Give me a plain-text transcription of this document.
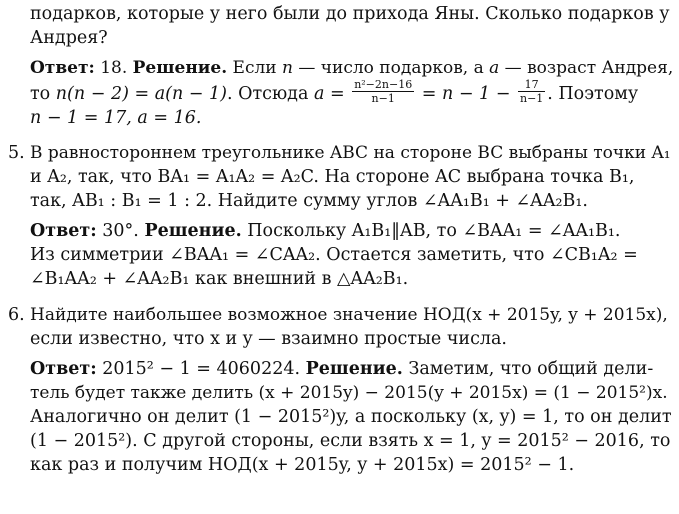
подарков, которые у него были до прихода Яны. Сколько подарков у
Андрея?
Ответ: 18. Решение. Если n — число подарков, а a — возраст Андрея,
то n(n − 2) = a(n − 1). Отсюда $a = \frac{\text{n²−2n−16}}{n-1} = n - 1 - \frac{17}{n-1}$ . Поэтому
n − 1 = 17, a = 16.
5. В равностороннем треугольнике ABC на стороне BC выбраны точки A₁
и A₂, так, что BA₁ = A₁A₂ = A₂C. На стороне AC выбрана точка B₁,
так, AB₁ : B₁ = 1 : 2. Найдите сумму углов ∠AA₁B₁ + ∠AA₂B₁.
Ответ: 30°. Решение. Поскольку A₁B₁‖AB, то ∠BAA₁ = ∠AA₁B₁.
Из симметрии ∠BAA₁ = ∠CAA₂. Остается заметить, что ∠CB₁A₂ =
∠B₁AA₂ + ∠AA₂B₁ как внешний в △AA₂B₁.
6. Найдите наибольшее возможное значение НОД(x + 2015y, y + 2015x),
если известно, что x и y — взаимно простые числа.
Ответ: 2015² − 1 = 4060224. Решение. Заметим, что общий дели-
тель будет также делить (x + 2015y) − 2015(y + 2015x) = (1 − 2015²)x.
Аналогично он делит (1 − 2015²)y, а поскольку (x, y) = 1, то он делит
(1 − 2015²). С другой стороны, если взять x = 1, y = 2015² − 2016, то
как раз и получим НОД(x + 2015y, y + 2015x) = 2015² − 1.
